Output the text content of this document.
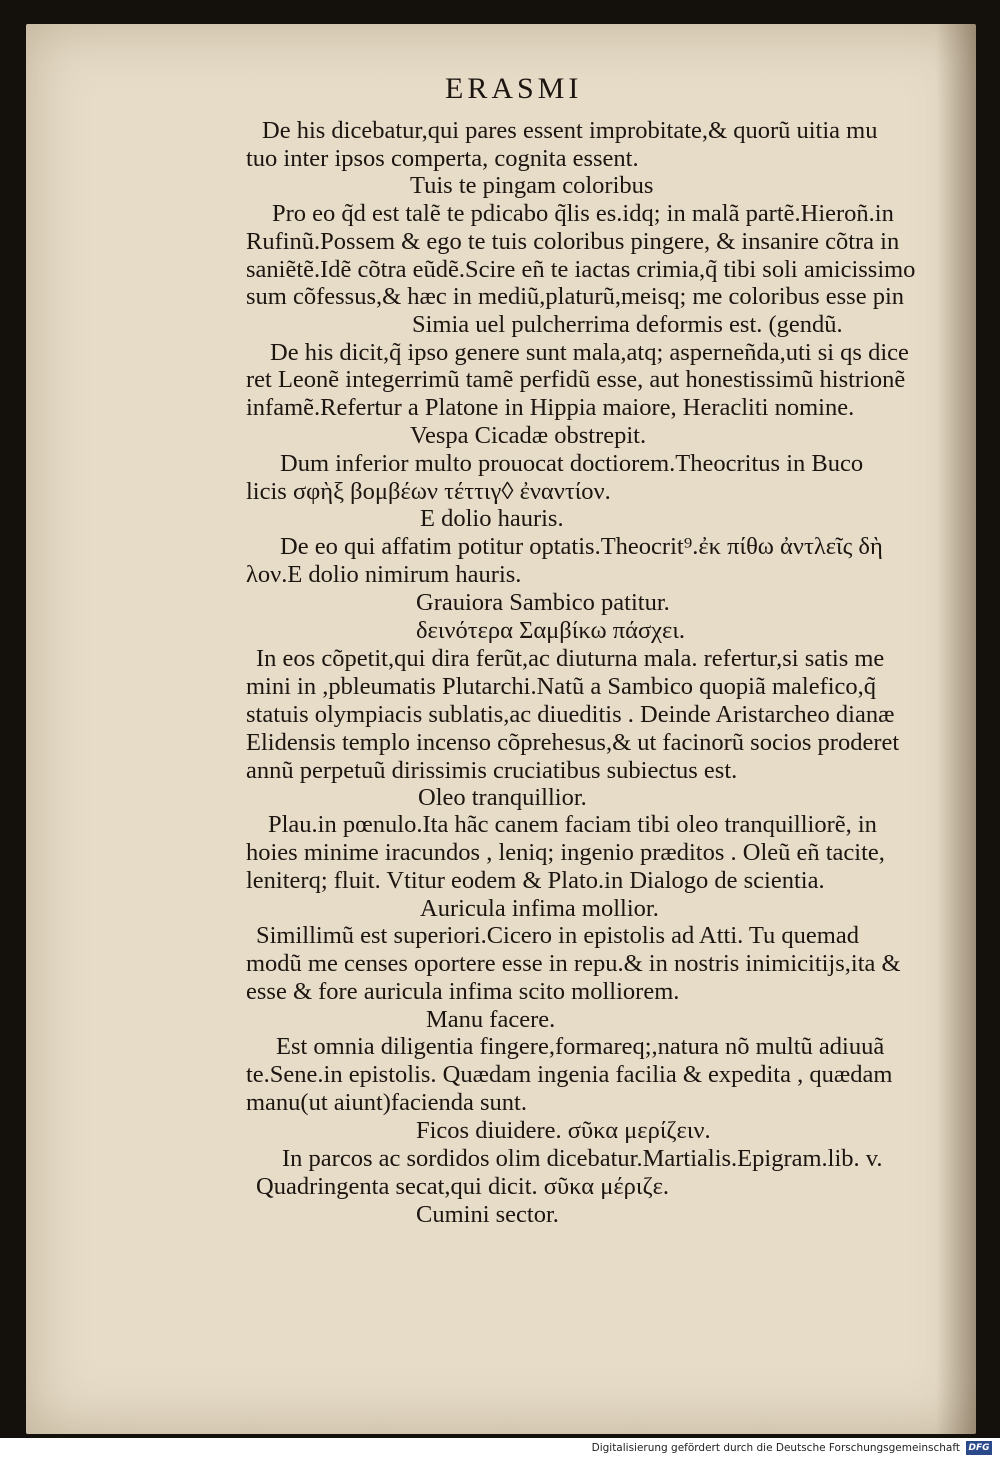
ERASMI
De his dicebatur,qui pares essent improbitate,& quorũ uitia mu
tuo inter ipsos comperta, cognita essent.
Tuis te pingam coloribus
Pro eo q̃d est talẽ te pdicabo q̃lis es.idq; in malã partẽ.Hieroñ.in
Rufinũ.Possem & ego te tuis coloribus pingere, & insanire cõtra in
saniẽtẽ.Idẽ cõtra eũdẽ.Scire eñ te iactas crimia,q̃ tibi soli amicissimo
sum cõfessus,& hæc in mediũ,platurũ,meisq; me coloribus esse pin
Simia uel pulcherrima deformis est. (gendũ.
De his dicit,q̃ ipso genere sunt mala,atq; asperneñda,uti si qs dice
ret Leonẽ integerrimũ tamẽ perfidũ esse, aut honestissimũ histrionẽ
infamẽ.Refertur a Platone in Hippia maiore, Heracliti nomine.
Vespa Cicadæ obstrepit.
Dum inferior multo prouocat doctiorem.Theocritus in Buco
licis σφὴξ βομβέων τέττιγ◊ ἐναντίον.
E dolio hauris.
De eo qui affatim potitur optatis.Theocrit⁹.ἐκ πίθω ἀντλεῖς δὴ
λον.E dolio nimirum hauris.
Grauiora Sambico patitur.
δεινότερα Σαμβίκω πάσχει.
In eos cõpetit,qui dira ferũt,ac diuturna mala. refertur,si satis me
mini in ,pbleumatis Plutarchi.Natũ a Sambico quopiã malefico,q̃
statuis olympiacis sublatis,ac diueditis . Deinde Aristarcheo dianæ
Elidensis templo incenso cõprehesus,& ut facinorũ socios proderet
annũ perpetuũ dirissimis cruciatibus subiectus est.
Oleo tranquillior.
Plau.in pœnulo.Ita hãc canem faciam tibi oleo tranquilliorẽ, in
hoies minime iracundos , leniq; ingenio præditos . Oleũ eñ tacite,
leniterq; fluit. Vtitur eodem & Plato.in Dialogo de scientia.
Auricula infima mollior.
Simillimũ est superiori.Cicero in epistolis ad Atti. Tu quemad
modũ me censes oportere esse in repu.& in nostris inimicitijs,ita &
esse & fore auricula infima scito molliorem.
Manu facere.
Est omnia diligentia fingere,formareq;,natura nõ multũ adiuuã
te.Sene.in epistolis. Quædam ingenia facilia & expedita , quædam
manu(ut aiunt)facienda sunt.
Ficos diuidere. σῦκα μερίζειν.
In parcos ac sordidos olim dicebatur.Martialis.Epigram.lib. v.
Quadringenta secat,qui dicit. σῦκα μέριζε.
Cumini sector.
Digitalisierung gefördert durch die Deutsche Forschungsgemeinschaft DFG
